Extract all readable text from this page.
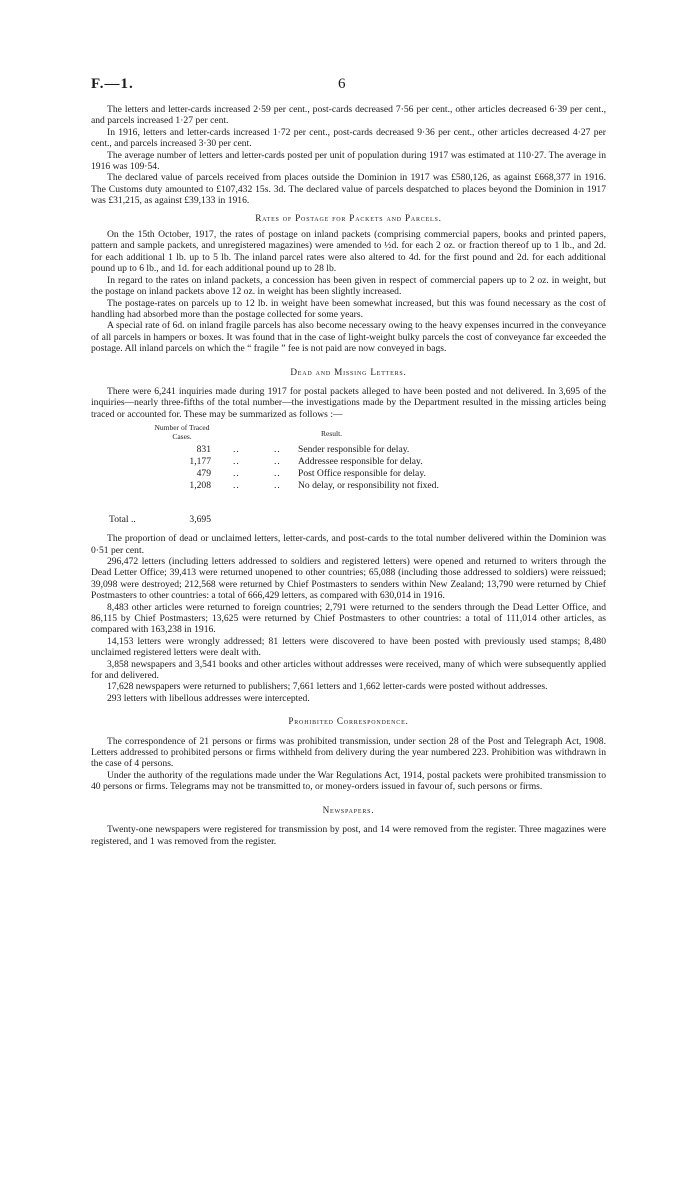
F.—1.	6

The letters and letter-cards increased 2·59 per cent., post-cards decreased 7·56 per cent., other articles decreased 6·39 per cent., and parcels increased 1·27 per cent.

In 1916, letters and letter-cards increased 1·72 per cent., post-cards decreased 9·36 per cent., other articles decreased 4·27 per cent., and parcels increased 3·30 per cent.

The average number of letters and letter-cards posted per unit of population during 1917 was estimated at 110·27. The average in 1916 was 109·54.

The declared value of parcels received from places outside the Dominion in 1917 was £580,126, as against £668,377 in 1916. The Customs duty amounted to £107,432 15s. 3d. The declared value of parcels despatched to places beyond the Dominion in 1917 was £31,215, as against £39,133 in 1916.

Rates of Postage for Packets and Parcels.

On the 15th October, 1917, the rates of postage on inland packets (comprising commercial papers, books and printed papers, pattern and sample packets, and unregistered magazines) were amended to ½d. for each 2 oz. or fraction thereof up to 1 lb., and 2d. for each additional 1 lb. up to 5 lb. The inland parcel rates were also altered to 4d. for the first pound and 2d. for each additional pound up to 6 lb., and 1d. for each additional pound up to 28 lb.

In regard to the rates on inland packets, a concession has been given in respect of commercial papers up to 2 oz. in weight, but the postage on inland packets above 12 oz. in weight has been slightly increased.

The postage-rates on parcels up to 12 lb. in weight have been somewhat increased, but this was found necessary as the cost of handling had absorbed more than the postage collected for some years.

A special rate of 6d. on inland fragile parcels has also become necessary owing to the heavy expenses incurred in the conveyance of all parcels in hampers or boxes. It was found that in the case of light-weight bulky parcels the cost of conveyance far exceeded the postage. All inland parcels on which the “ fragile ” fee is not paid are now conveyed in bags.

Dead and Missing Letters.

There were 6,241 inquiries made during 1917 for postal packets alleged to have been posted and not delivered. In 3,695 of the inquiries—nearly three-fifths of the total number—the investigations made by the Department resulted in the missing articles being traced or accounted for. These may be summarized as follows :—

Number of Traced Cases.	Result.
831 ..	.. Sender responsible for delay.
1,177 ..	.. Addressee responsible for delay.
479 ..	.. Post Office responsible for delay.
1,208 ..	.. No delay, or responsibility not fixed.
Total ..	3,695

The proportion of dead or unclaimed letters, letter-cards, and post-cards to the total number delivered within the Dominion was 0·51 per cent.

296,472 letters (including letters addressed to soldiers and registered letters) were opened and returned to writers through the Dead Letter Office; 39,413 were returned unopened to other countries; 65,088 (including those addressed to soldiers) were reissued; 39,098 were destroyed; 212,568 were returned by Chief Postmasters to senders within New Zealand; 13,790 were returned by Chief Postmasters to other countries: a total of 666,429 letters, as compared with 630,014 in 1916.

8,483 other articles were returned to foreign countries; 2,791 were returned to the senders through the Dead Letter Office, and 86,115 by Chief Postmasters; 13,625 were returned by Chief Postmasters to other countries: a total of 111,014 other articles, as compared with 163,238 in 1916.

14,153 letters were wrongly addressed; 81 letters were discovered to have been posted with previously used stamps; 8,480 unclaimed registered letters were dealt with.

3,858 newspapers and 3,541 books and other articles without addresses were received, many of which were subsequently applied for and delivered.

17,628 newspapers were returned to publishers; 7,661 letters and 1,662 letter-cards were posted without addresses.

293 letters with libellous addresses were intercepted.

Prohibited Correspondence.

The correspondence of 21 persons or firms was prohibited transmission, under section 28 of the Post and Telegraph Act, 1908. Letters addressed to prohibited persons or firms withheld from delivery during the year numbered 223. Prohibition was withdrawn in the case of 4 persons.

Under the authority of the regulations made under the War Regulations Act, 1914, postal packets were prohibited transmission to 40 persons or firms. Telegrams may not be transmitted to, or money-orders issued in favour of, such persons or firms.

Newspapers.

Twenty-one newspapers were registered for transmission by post, and 14 were removed from the register. Three magazines were registered, and 1 was removed from the register.
